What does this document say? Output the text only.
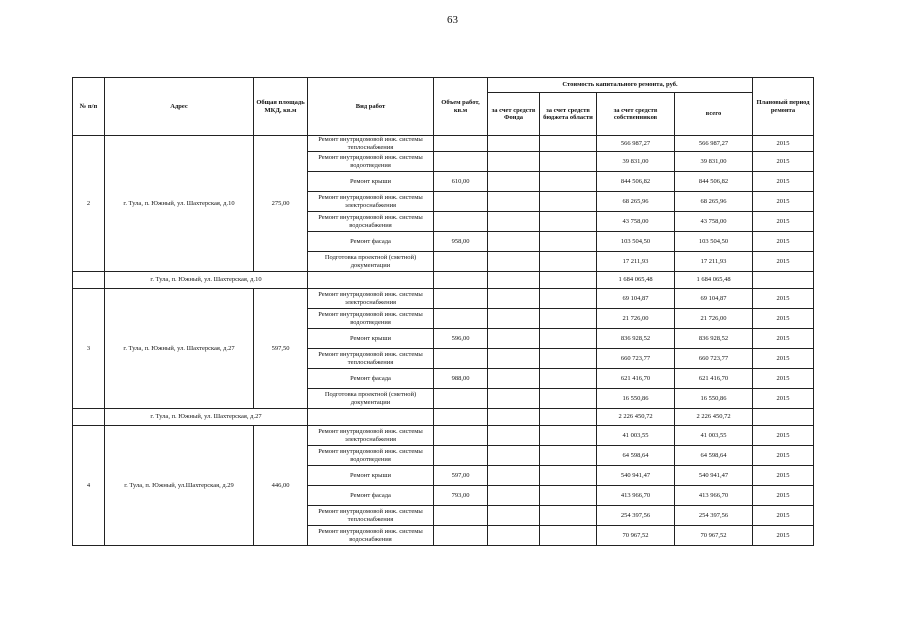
63
№ п/п	Адрес	Общая площадь МКД, кв.м	Вид работ	Объем работ, кв.м	Стоимость капитального ремонта, руб.				Плановый период ремонта
					за счет средств Фонда	за счет средств бюджета области	за счет средств собственников	всего	
2	г. Тула, п. Южный, ул. Шахтерская, д.10	275,00	Ремонт внутридомовой инж. системы теплоснабжения				566 987,27	566 987,27	2015
			Ремонт внутридомовой инж. системы водоотведения				39 831,00	39 831,00	2015
			Ремонт крыши	610,00			844 506,82	844 506,82	2015
			Ремонт внутридомовой инж. системы электроснабжения				68 265,96	68 265,96	2015
			Ремонт внутридомовой инж. системы водоснабжения				43 758,00	43 758,00	2015
			Ремонт фасада	958,00			103 504,50	103 504,50	2015
			Подготовка проектной (сметной) документации				17 211,93	17 211,93	2015
	г. Тула, п. Южный, ул. Шахтерская, д.10						1 684 065,48	1 684 065,48	
3	г. Тула, п. Южный, ул. Шахтерская, д.27	597,50	Ремонт внутридомовой инж. системы электроснабжения				69 104,87	69 104,87	2015
			Ремонт внутридомовой инж. системы водоотведения				21 726,00	21 726,00	2015
			Ремонт крыши	596,00			836 928,52	836 928,52	2015
			Ремонт внутридомовой инж. системы теплоснабжения				660 723,77	660 723,77	2015
			Ремонт фасада	988,00			621 416,70	621 416,70	2015
			Подготовка проектной (сметной) документации				16 550,86	16 550,86	2015
	г. Тула, п. Южный, ул. Шахтерская, д.27						2 226 450,72	2 226 450,72	
4	г. Тула, п. Южный, ул.Шахтерская, д.29	446,00	Ремонт внутридомовой инж. системы электроснабжения				41 003,55	41 003,55	2015
			Ремонт внутридомовой инж. системы водоотведения				64 598,64	64 598,64	2015
			Ремонт крыши	597,00			540 941,47	540 941,47	2015
			Ремонт фасада	793,00			413 966,70	413 966,70	2015
			Ремонт внутридомовой инж. системы теплоснабжения				254 397,56	254 397,56	2015
			Ремонт внутридомовой инж. системы водоснабжения				70 967,52	70 967,52	2015
